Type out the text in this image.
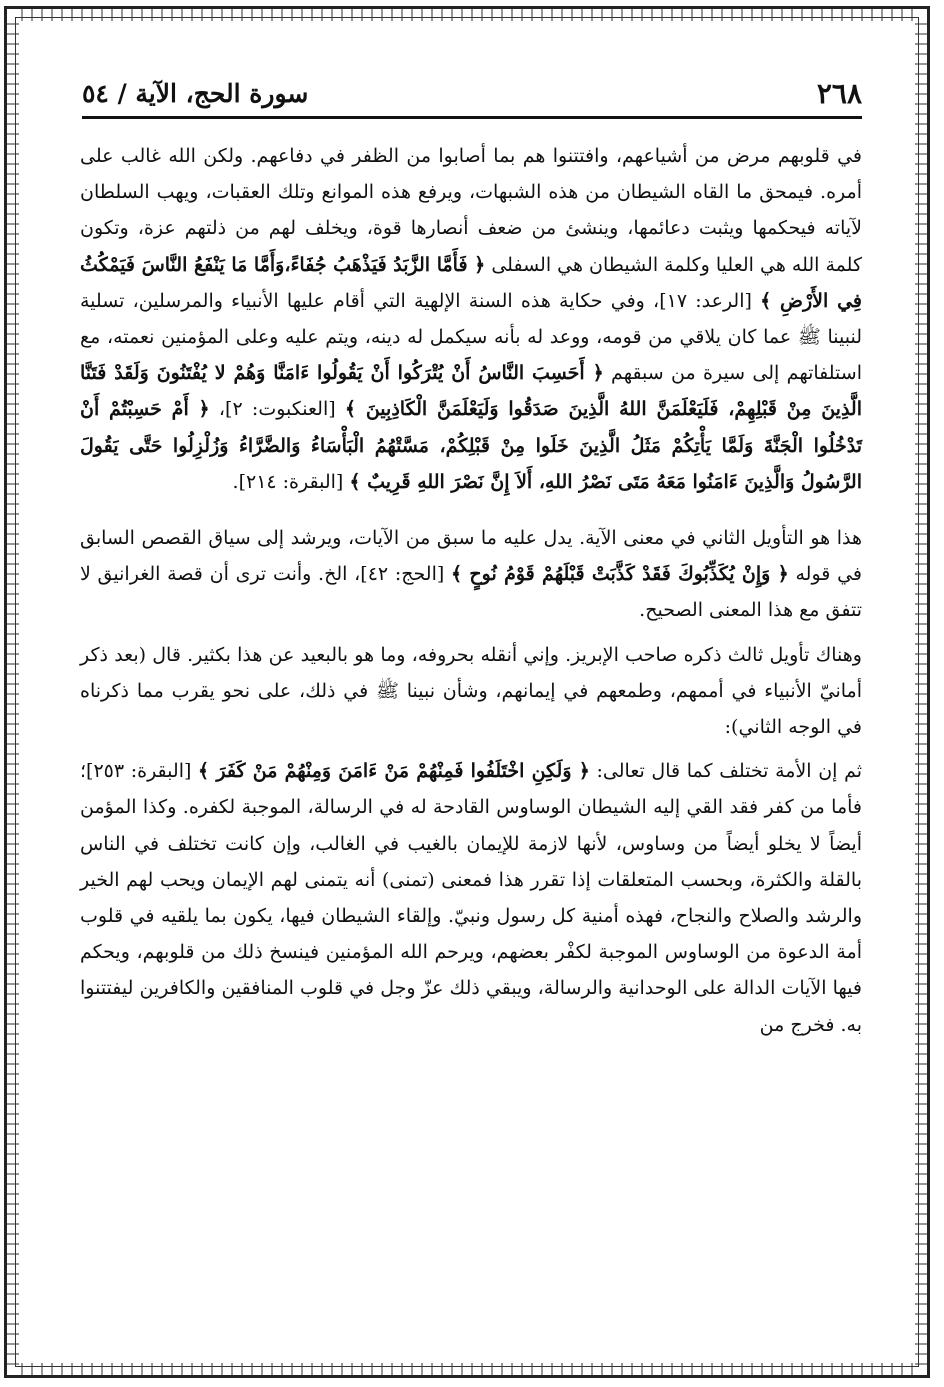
٢٦٨
سورة الحج، الآية / ٥٤

في قلوبهم مرض من أشياعهم، وافتتنوا هم بما أصابوا من الظفر في دفاعهم. ولكن الله غالب على أمره. فيمحق ما القاه الشيطان من هذه الشبهات، ويرفع هذه الموانع وتلك العقبات، ويهب السلطان لآياته فيحكمها ويثبت دعائمها، وينشئ من ضعف أنصارها قوة، ويخلف لهم من ذلتهم عزة، وتكون كلمة الله هي العليا وكلمة الشيطان هي السفلى ﴿ فَأَمَّا الزَّبَدُ فَيَذْهَبُ جُفَاءً،وَأَمَّا مَا يَنْفَعُ النَّاسَ فَيَمْكُثُ فِي الأَرْضِ ﴾ [الرعد: ١٧]، وفي حكاية هذه السنة الإلهية التي أقام عليها الأنبياء والمرسلين، تسلية لنبينا ﷺ عما كان يلاقي من قومه، ووعد له بأنه سيكمل له دينه، ويتم عليه وعلى المؤمنين نعمته، مع استلفاتهم إلى سيرة من سبقهم ﴿ أَحَسِبَ النَّاسُ أَنْ يُتْرَكُوا أَنْ يَقُولُوا ءَامَنَّا وَهُمْ لا يُفْتَنُونَ وَلَقَدْ فَتَنَّا الَّذِينَ مِنْ قَبْلِهِمْ، فَلَيَعْلَمَنَّ اللهُ الَّذِينَ صَدَقُوا وَلَيَعْلَمَنَّ الْكَاذِبِينَ ﴾ [العنكبوت: ٢]، ﴿ أَمْ حَسِبْتُمْ أَنْ تَدْخُلُوا الْجَنَّةَ وَلَمَّا يَأْتِكُمْ مَثَلُ الَّذِينَ خَلَوا مِنْ قَبْلِكُمْ، مَسَّتْهُمُ الْبَأْسَاءُ وَالضَّرَّاءُ وَزُلْزِلُوا حَتَّى يَقُولَ الرَّسُولُ وَالَّذِينَ ءَامَنُوا مَعَهُ مَتَى نَصْرُ اللهِ، أَلاَ إِنَّ نَصْرَ اللهِ قَرِيبٌ ﴾ [البقرة: ٢١٤].

هذا هو التأويل الثاني في معنى الآية. يدل عليه ما سبق من الآيات، ويرشد إلى سياق القصص السابق في قوله ﴿ وَإِنْ يُكَذِّبُوكَ فَقَدْ كَذَّبَتْ قَبْلَهُمْ قَوْمُ نُوحٍ ﴾ [الحج: ٤٢]، الخ. وأنت ترى أن قصة الغرانيق لا تتفق مع هذا المعنى الصحيح.

وهناك تأويل ثالث ذكره صاحب الإبريز. وإني أنقله بحروفه، وما هو بالبعيد عن هذا بكثير. قال (بعد ذكر أمانيّ الأنبياء في أممهم، وطمعهم في إيمانهم، وشأن نبينا ﷺ في ذلك، على نحو يقرب مما ذكرناه في الوجه الثاني):

ثم إن الأمة تختلف كما قال تعالى: ﴿ وَلَكِنِ اخْتَلَفُوا فَمِنْهُمْ مَنْ ءَامَنَ وَمِنْهُمْ مَنْ كَفَرَ ﴾ [البقرة: ٢٥٣]؛ فأما من كفر فقد القي إليه الشيطان الوساوس القادحة له في الرسالة، الموجبة لكفره. وكذا المؤمن أيضاً لا يخلو أيضاً من وساوس، لأنها لازمة للإيمان بالغيب في الغالب، وإن كانت تختلف في الناس بالقلة والكثرة، وبحسب المتعلقات إذا تقرر هذا فمعنى (تمنى) أنه يتمنى لهم الإيمان ويحب لهم الخير والرشد والصلاح والنجاح، فهذه أمنية كل رسول ونبيّ. وإلقاء الشيطان فيها، يكون بما يلقيه في قلوب أمة الدعوة من الوساوس الموجبة لكفْر بعضهم، ويرحم الله المؤمنين فينسخ ذلك من قلوبهم، ويحكم فيها الآيات الدالة على الوحدانية والرسالة، ويبقي ذلك عزّ وجل في قلوب المنافقين والكافرين ليفتتنوا به. فخرج من
